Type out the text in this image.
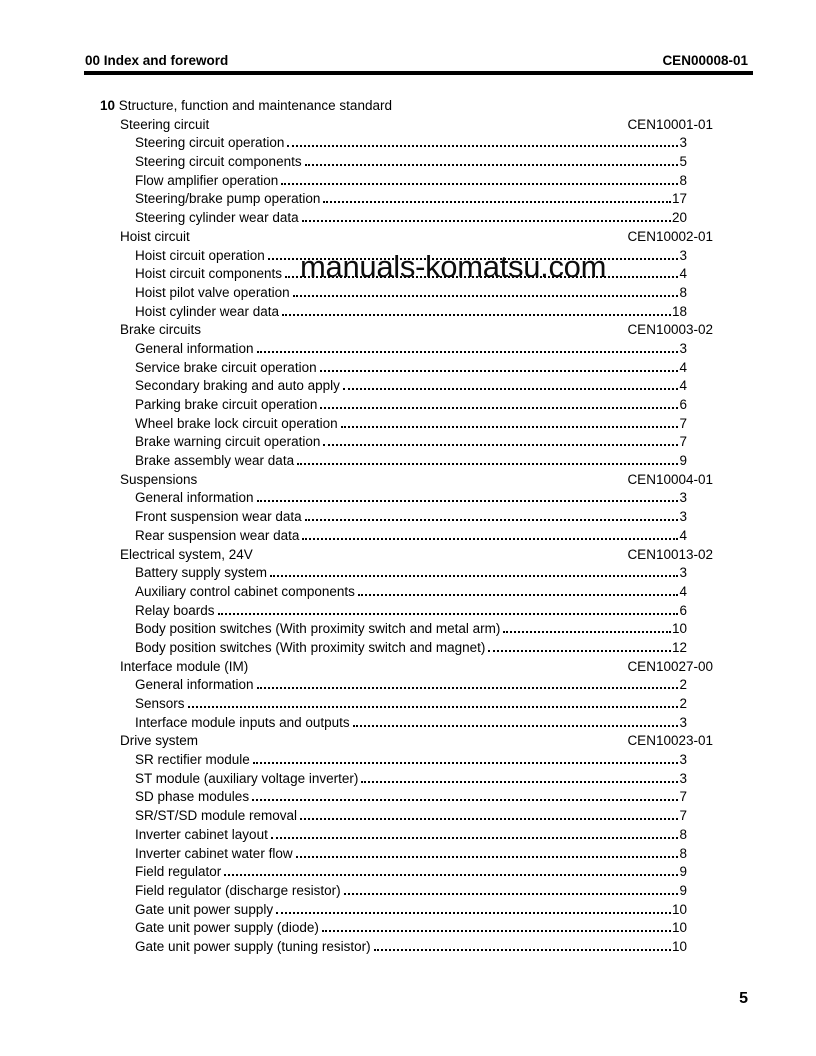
00 Index and foreword	CEN00008-01
10 Structure, function and maintenance standard
Steering circuit	CEN10001-01
Steering circuit operation	3
Steering circuit components	5
Flow amplifier operation	8
Steering/brake pump operation	17
Steering cylinder wear data	20
Hoist circuit	CEN10002-01
Hoist circuit operation	3
Hoist circuit components	4
Hoist pilot valve operation	8
Hoist cylinder wear data	18
Brake circuits	CEN10003-02
General information	3
Service brake circuit operation	4
Secondary braking and auto apply	4
Parking brake circuit operation	6
Wheel brake lock circuit operation	7
Brake warning circuit operation	7
Brake assembly wear data	9
Suspensions	CEN10004-01
General information	3
Front suspension wear data	3
Rear suspension wear data	4
Electrical system, 24V	CEN10013-02
Battery supply system	3
Auxiliary control cabinet components	4
Relay boards	6
Body position switches (With proximity switch and metal arm)	10
Body position switches (With proximity switch and magnet)	12
Interface module (IM)	CEN10027-00
General information	2
Sensors	2
Interface module inputs and outputs	3
Drive system	CEN10023-01
SR rectifier module	3
ST module (auxiliary voltage inverter)	3
SD phase modules	7
SR/ST/SD module removal	7
Inverter cabinet layout	8
Inverter cabinet water flow	8
Field regulator	9
Field regulator (discharge resistor)	9
Gate unit power supply	10
Gate unit power supply (diode)	10
Gate unit power supply (tuning resistor)	10
manuals-komatsu.com
5
